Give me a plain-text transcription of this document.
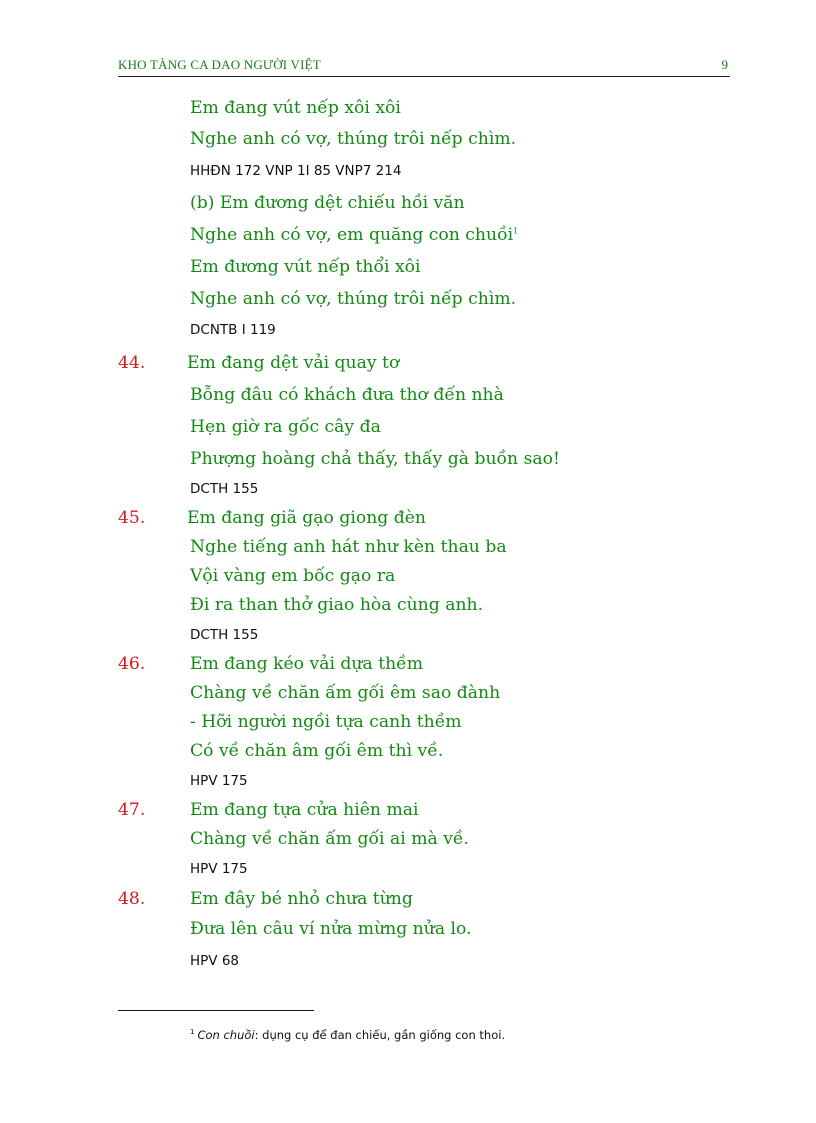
KHO TÀNG CA DAO NGƯỜI VIỆT	9
Em đang vút nếp xôi xôi
Nghe anh có vợ, thúng trôi nếp chìm.
HHĐN 172 VNP 1I 85 VNP7 214
(b) Em đương dệt chiếu hồi văn
Nghe anh có vợ, em quăng con chuồi$^1$
Em đương vút nếp thổi xôi
Nghe anh có vợ, thúng trôi nếp chìm.
DCNTB I 119
44. Em đang dệt vải quay tơ
Bỗng đâu có khách đưa thơ đến nhà
Hẹn giờ ra gốc cây đa
Phượng hoàng chả thấy, thấy gà buồn sao!
DCTH 155
45. Em đang giã gạo giong đèn
Nghe tiếng anh hát như kèn thau ba
Vội vàng em bốc gạo ra
Đi ra than thở giao hòa cùng anh.
DCTH 155
46.	Em đang kéo vải dựa thềm
Chàng về chăn ấm gối êm sao đành
- Hỡi người ngồi tựa canh thềm
Có về chăn âm gối êm thì về.
HPV 175
47.	Em đang tựa cửa hiên mai
Chàng về chăn ấm gối ai mà về.
HPV 175
48.	Em đây bé nhỏ chưa từng
Đưa lên câu ví nửa mừng nửa lo.
HPV 68
$^1$ Con chuồi: dụng cụ để đan chiếu, gần giống con thoi.
